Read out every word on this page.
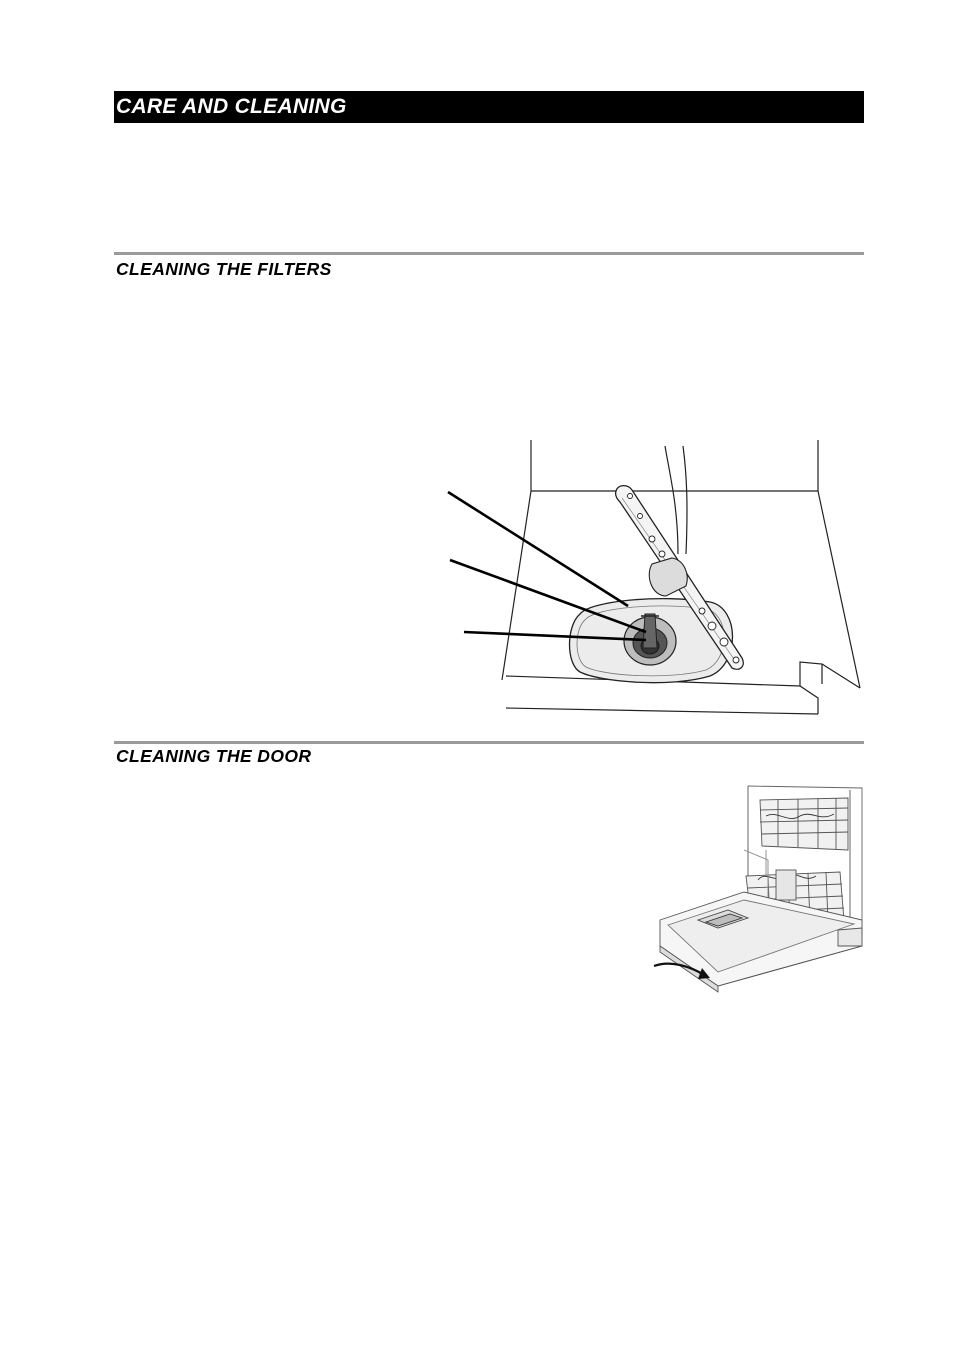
CARE AND CLEANING
CLEANING THE FILTERS
CLEANING THE DOOR
